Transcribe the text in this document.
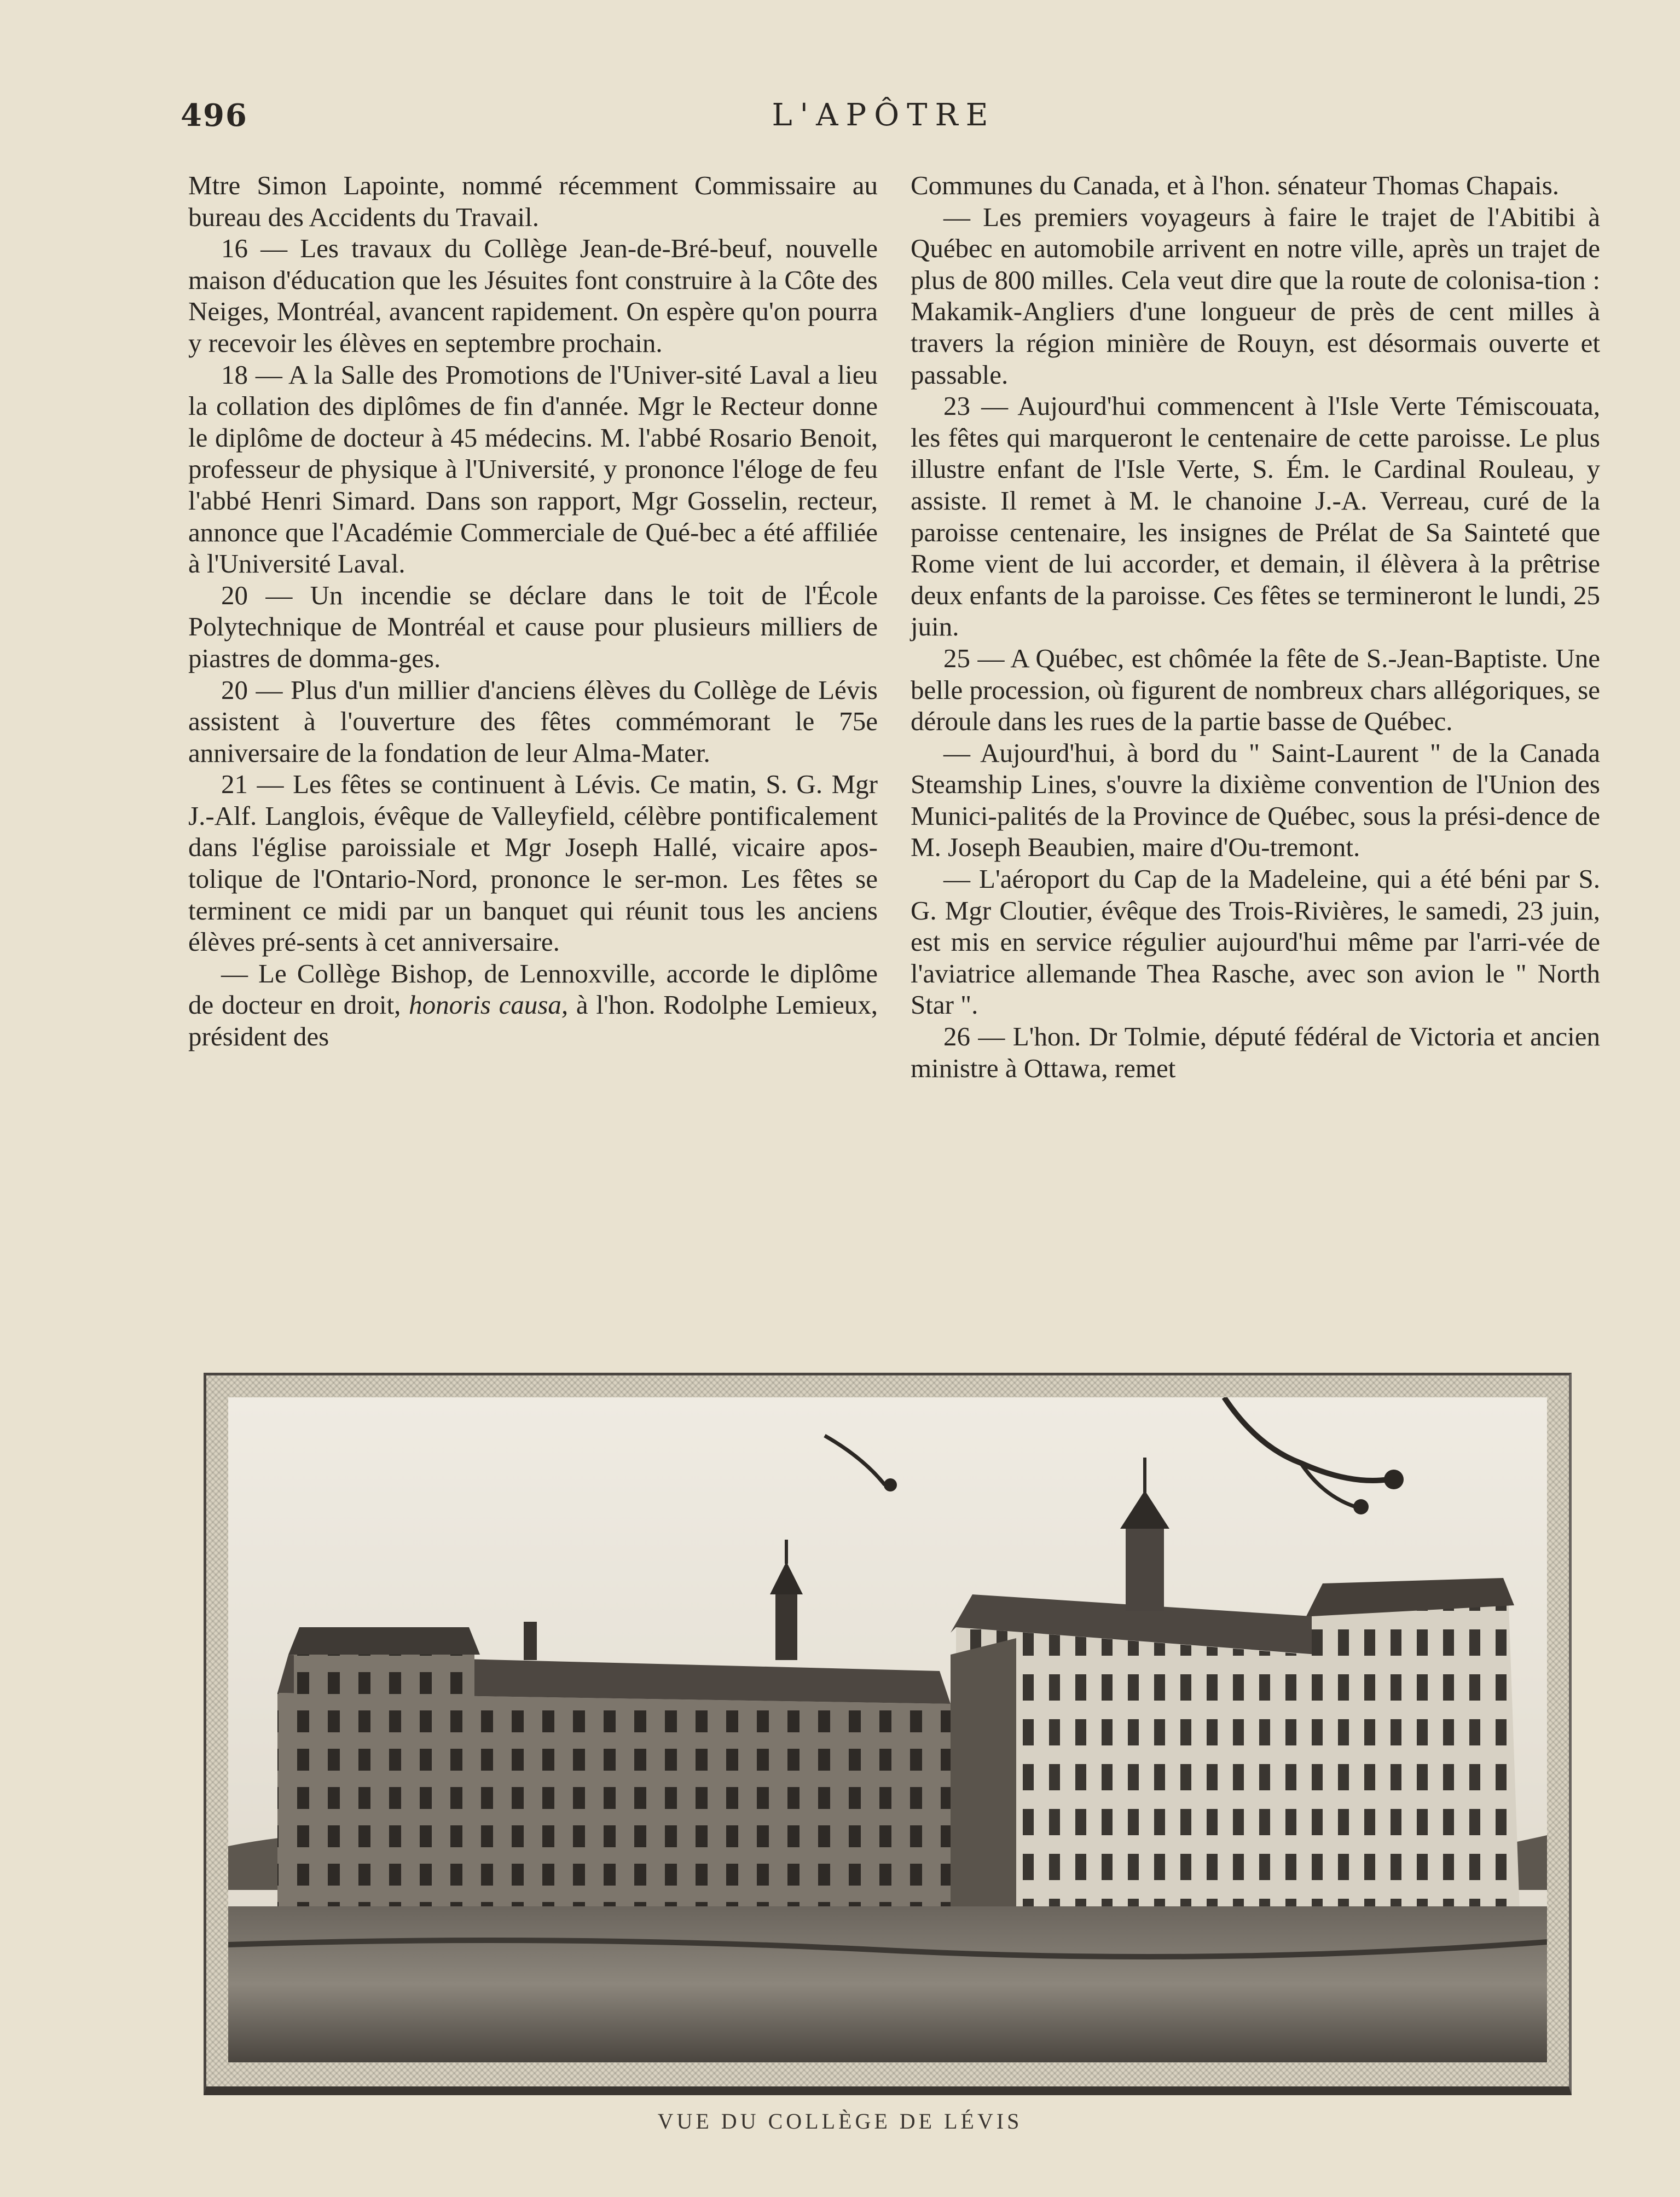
496	L'APÔTRE

Mtre Simon Lapointe, nommé récemment Commissaire au bureau des Accidents du Travail.

16 — Les travaux du Collège Jean-de-Bré-beuf, nouvelle maison d'éducation que les Jésuites font construire à la Côte des Neiges, Montréal, avancent rapidement. On espère qu'on pourra y recevoir les élèves en septembre prochain.

18 — A la Salle des Promotions de l'Univer-sité Laval a lieu la collation des diplômes de fin d'année. Mgr le Recteur donne le diplôme de docteur à 45 médecins. M. l'abbé Rosario Benoit, professeur de physique à l'Université, y prononce l'éloge de feu l'abbé Henri Simard. Dans son rapport, Mgr Gosselin, recteur, annonce que l'Académie Commerciale de Qué-bec a été affiliée à l'Université Laval.

20 — Un incendie se déclare dans le toit de l'École Polytechnique de Montréal et cause pour plusieurs milliers de piastres de domma-ges.

20 — Plus d'un millier d'anciens élèves du Collège de Lévis assistent à l'ouverture des fêtes commémorant le 75e anniversaire de la fondation de leur Alma-Mater.

21 — Les fêtes se continuent à Lévis. Ce matin, S. G. Mgr J.-Alf. Langlois, évêque de Valleyfield, célèbre pontificalement dans l'église paroissiale et Mgr Joseph Hallé, vicaire apos-tolique de l'Ontario-Nord, prononce le ser-mon. Les fêtes se terminent ce midi par un banquet qui réunit tous les anciens élèves pré-sents à cet anniversaire.

— Le Collège Bishop, de Lennoxville, accorde le diplôme de docteur en droit, honoris causa, à l'hon. Rodolphe Lemieux, président des

Communes du Canada, et à l'hon. sénateur Thomas Chapais.

— Les premiers voyageurs à faire le trajet de l'Abitibi à Québec en automobile arrivent en notre ville, après un trajet de plus de 800 milles. Cela veut dire que la route de colonisa-tion : Makamik-Angliers d'une longueur de près de cent milles à travers la région minière de Rouyn, est désormais ouverte et passable.

23 — Aujourd'hui commencent à l'Isle Verte Témiscouata, les fêtes qui marqueront le centenaire de cette paroisse. Le plus illustre enfant de l'Isle Verte, S. Ém. le Cardinal Rouleau, y assiste. Il remet à M. le chanoine J.-A. Verreau, curé de la paroisse centenaire, les insignes de Prélat de Sa Sainteté que Rome vient de lui accorder, et demain, il élèvera à la prêtrise deux enfants de la paroisse. Ces fêtes se termineront le lundi, 25 juin.

25 — A Québec, est chômée la fête de S.-Jean-Baptiste. Une belle procession, où figurent de nombreux chars allégoriques, se déroule dans les rues de la partie basse de Québec.

— Aujourd'hui, à bord du " Saint-Laurent " de la Canada Steamship Lines, s'ouvre la dixième convention de l'Union des Munici-palités de la Province de Québec, sous la prési-dence de M. Joseph Beaubien, maire d'Ou-tremont.

— L'aéroport du Cap de la Madeleine, qui a été béni par S. G. Mgr Cloutier, évêque des Trois-Rivières, le samedi, 23 juin, est mis en service régulier aujourd'hui même par l'arri-vée de l'aviatrice allemande Thea Rasche, avec son avion le " North Star ".

26 — L'hon. Dr Tolmie, député fédéral de Victoria et ancien ministre à Ottawa, remet

VUE DU COLLÈGE DE LÉVIS
